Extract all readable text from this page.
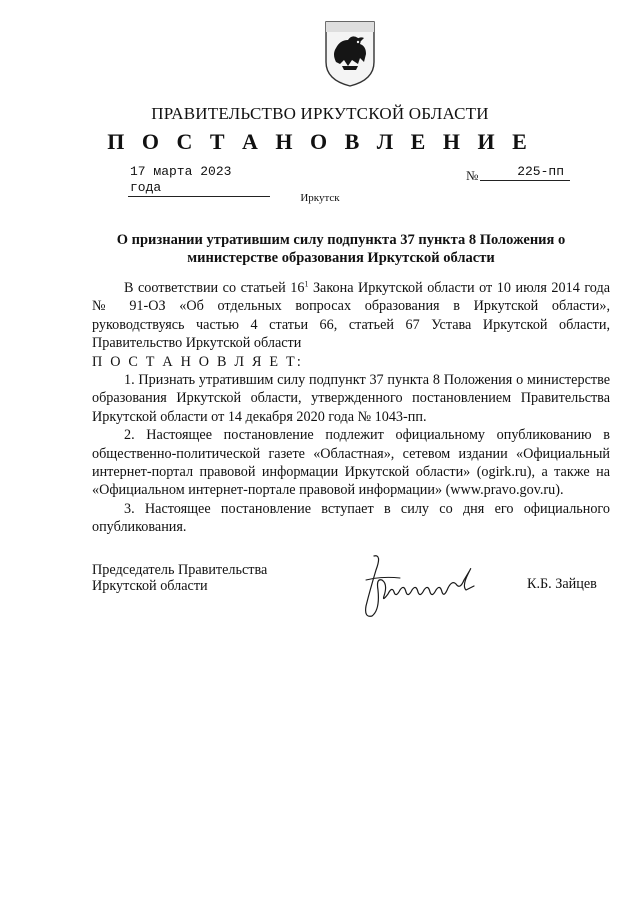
ПРАВИТЕЛЬСТВО ИРКУТСКОЙ ОБЛАСТИ
П О С Т А Н О В Л Е Н И Е
17 марта 2023 года
№	225-пп
Иркутск
О признании утратившим силу подпункта 37 пункта 8 Положения о министерстве образования Иркутской области

В соответствии со статьей $16^1$ Закона Иркутской области от 10 июля 2014 года № 91-ОЗ «Об отдельных вопросах образования в Иркутской области», руководствуясь частью 4 статьи 66, статьей 67 Устава Иркутской области, Правительство Иркутской области

П О С Т А Н О В Л Я Е Т:

1. Признать утратившим силу подпункт 37 пункта 8 Положения о министерстве образования Иркутской области, утвержденного постановлением Правительства Иркутской области от 14 декабря 2020 года № 1043-пп.

2. Настоящее постановление подлежит официальному опубликованию в общественно-политической газете «Областная», сетевом издании «Официальный интернет-портал правовой информации Иркутской области» (ogirk.ru), а также на «Официальном интернет-портале правовой информации» (www.pravo.gov.ru).

3. Настоящее постановление вступает в силу со дня его официального опубликования.

Председатель Правительства
Иркутской области	К.Б. Зайцев
